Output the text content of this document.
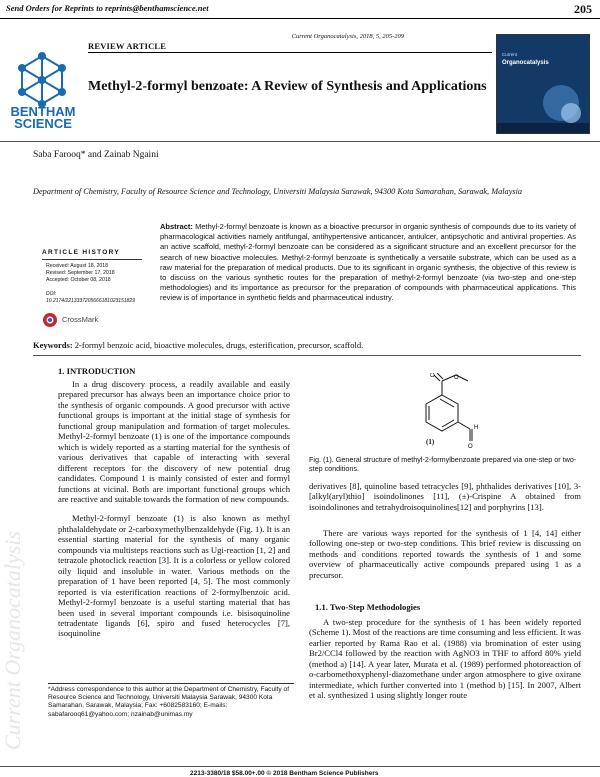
Send Orders for Reprints to reprints@benthamscience.net	205
Current Organocatalysis, 2018, 5, 205-209
REVIEW ARTICLE
BENTHAM
SCIENCE
Methyl-2-formyl benzoate: A Review of Synthesis and Applications
Current
Organocatalysis
Saba Farooq* and Zainab Ngaini
Department of Chemistry, Faculty of Resource Science and Technology, Universiti Malaysia Sarawak, 94300 Kota Samarahan, Sarawak, Malaysia
ARTICLE HISTORY
Received: August 18, 2018
Revised: September 17, 2018
Accepted: October 08, 2018
DOI:
10.2174/2213337205666181023151829
CrossMark
Abstract: Methyl-2-formyl benzoate is known as a bioactive precursor in organic synthesis of compounds due to its variety of pharmacological activities namely antifungal, antihypertensive anticancer, antiulcer, antipsychotic and antiviral properties. As an active scaffold, methyl-2-formyl benzoate can be considered as a significant structure and an excellent precursor for the search of new bioactive molecules. Methyl-2-formyl benzoate is synthetically a versatile substrate, which can be used as a raw material for the preparation of medical products. Due to its significant in organic synthesis, the objective of this review is to discuss on the various synthetic routes for the preparation of methyl-2-formyl benzoate (via two-step and one-step methodologies) and its importance as precursor for the preparation of compounds with pharmaceutical applications. This review is of importance in synthetic fields and pharmaceutical industry.
Keywords: 2-formyl benzoic acid, bioactive molecules, drugs, esterification, precursor, scaffold.
1. INTRODUCTION

In a drug discovery process, a readily available and easily prepared precursor has always been an importance choice prior to the synthesis of organic compounds. A good precursor with active functional groups is important at the initial stage of synthesis for functional group manipulation and formation of target molecules. Methyl-2-formyl benzoate (1) is one of the importance compounds which is widely reported as a starting material for the synthesis of various derivatives that capable of interacting with several different receptors for the discovery of new potential drug candidates. Compound 1 is mainly consisted of ester and formyl functions at vicinal. Both are important functional groups which are reactive and suitable towards the formation of new compounds.

Methyl-2-formyl benzoate (1) is also known as methyl phthalaldehydate or 2-carboxymethylbenzaldehyde (Fig. 1). It is an essential starting material for the synthesis of many organic compounds via multisteps reactions such as Ugi-reaction [1, 2] and tetrazole photoclick reaction [3]. It is a colorless or yellow colored oily liquid and insoluble in water. Various methods on the preparation of 1 have been reported [4, 5]. The most commonly reported is via esterification reactions of 2-formylbenzoic acid. Methyl-2-formyl benzoate is a useful starting material that has been used in several important compounds i.e. bisisoquinoline tetradentate ligands [6], spiro and fused heterocycles [7], isoquinoline

O	O
H
O
(1)
Fig. (1). General structure of methyl-2-formylbenzoate prepared via one-step or two-step conditions.
derivatives [8], quinoline based tetracycles [9], phthalides derivatives [10], 3-[alkyl(aryl)thio] isoindolinones [11], (±)-Crispine A obtained from isoindolinones and tetrahydroisoquinolines[12] and porphyrins [13].
There are various ways reported for the synthesis of 1 [4, 14] either following one-step or two-step conditions. This brief review is discussing on methods and conditions reported towards the synthesis of 1 and some overview of pharmaceutically active compounds prepared using 1 as a precursor.
1.1. Two-Step Methodologies
A two-step procedure for the synthesis of 1 has been widely reported (Scheme 1). Most of the reactions are time consuming and less efficient. It was earlier reported by Rama Rao et al. (1988) via bromination of ester using Br2/CCl4 followed by the reaction with AgNO3 in THF to afford 80% yield (method a) [14]. A year later, Murata et al. (1989) performed photoreaction of o-carbomethoxyphenyl-diazomethane under argon atmosphere to give oxirane intermediate, which further converted into 1 (method b) [15]. In 2007, Albert et al. synthesized 1 using slightly longer route
*Address correspondence to this author at the Department of Chemistry, Faculty of Resource Science and Technology, Universiti Malaysia Sarawak, 94300 Kota Samarahan, Sarawak, Malaysia; Fax: +6082583160; E-mails: sabafarooq61@yahoo.com; nzainab@unimas.my
2213-3380/18 $58.00+.00 © 2018 Bentham Science Publishers
Current Organocatalysis
